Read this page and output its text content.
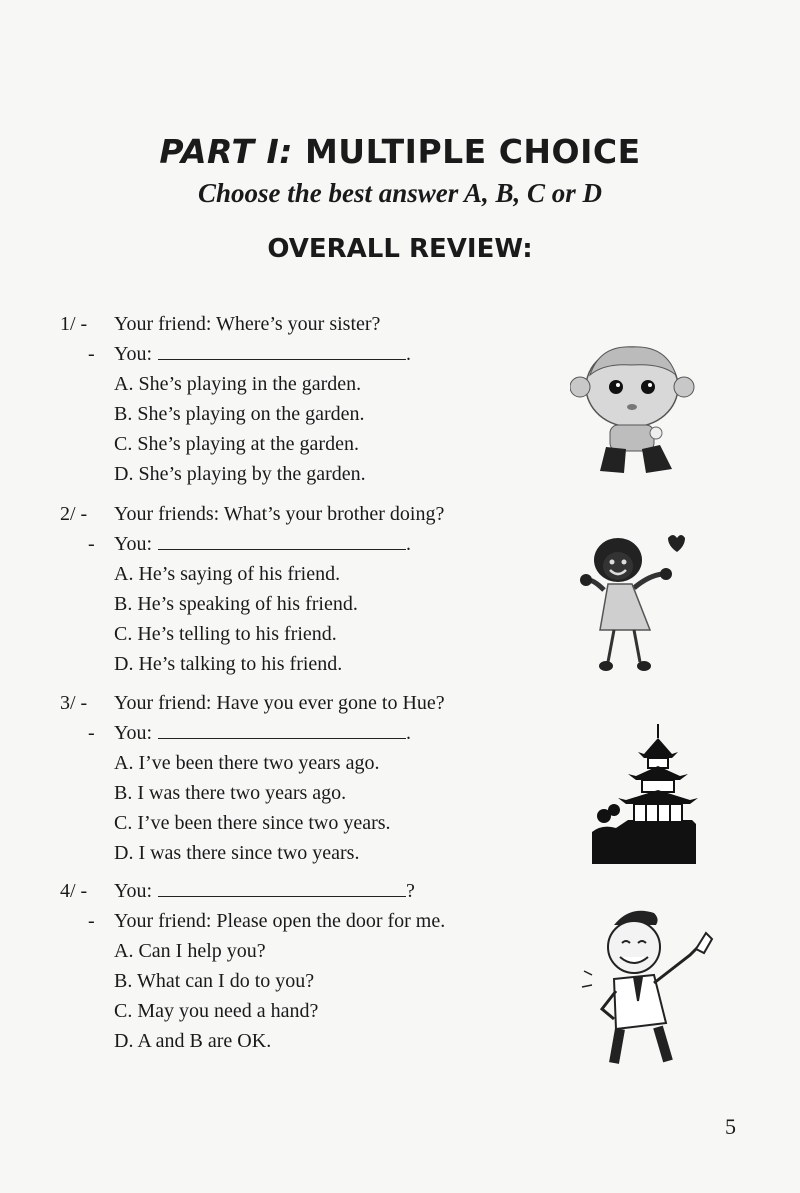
PART I: MULTIPLE CHOICE

Choose the best answer A, B, C or D

OVERALL REVIEW:
1/ - Your friend: Where’s your sister?
- You:	.
A. She’s playing in the garden.
B. She’s playing on the garden.
C. She’s playing at the garden.
D. She’s playing by the garden.
2/ - Your friends: What’s your brother doing?
- You:	.
A. He’s saying of his friend.
B. He’s speaking of his friend.
C. He’s telling to his friend.
D. He’s talking to his friend.
3/ - Your friend: Have you ever gone to Hue?
- You:	.
A. I’ve been there two years ago.
B. I was there two years ago.
C. I’ve been there since two years.
D. I was there since two years.
4/ - You:	?
- Your friend: Please open the door for me.
A. Can I help you?
B. What can I do to you?
C. May you need a hand?
D. A and B are OK.
5
